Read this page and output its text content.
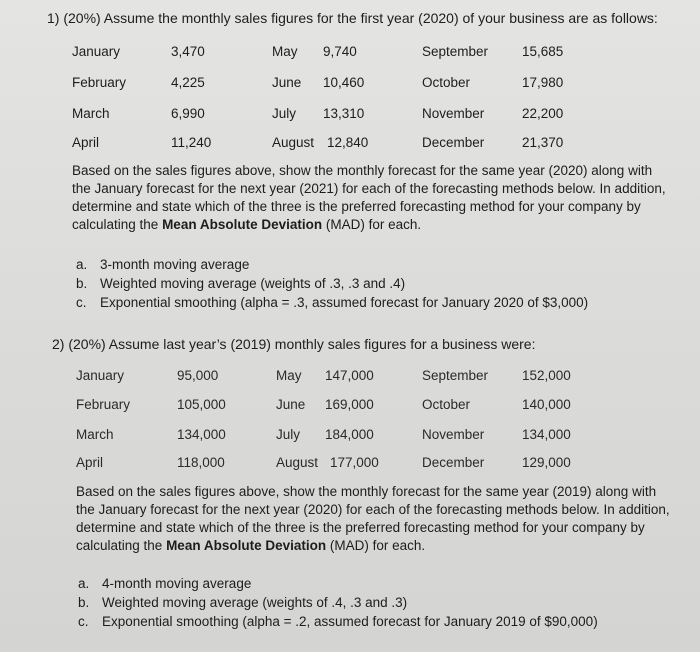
1) (20%) Assume the monthly sales figures for the first year (2020) of your business are as follows:
January	3,470	May 9,740	September	15,685
February	4,225	June 10,460	October	17,980
March	6,990	July 13,310	November	22,200
April	11,240	August 12,840	December	21,370
Based on the sales figures above, show the monthly forecast for the same year (2020) along with the January forecast for the next year (2021) for each of the forecasting methods below. In addition, determine and state which of the three is the preferred forecasting method for your company by calculating the Mean Absolute Deviation (MAD) for each.
a. 3-month moving average
b. Weighted moving average (weights of .3, .3 and .4)
c. Exponential smoothing (alpha = .3, assumed forecast for January 2020 of $3,000)
2) (20%) Assume last year’s (2019) monthly sales figures for a business were:
January	95,000	May 147,000	September	152,000
February	105,000	June 169,000	October	140,000
March	134,000	July 184,000	November	134,000
April	118,000	August 177,000	December	129,000
Based on the sales figures above, show the monthly forecast for the same year (2019) along with the January forecast for the next year (2020) for each of the forecasting methods below. In addition, determine and state which of the three is the preferred forecasting method for your company by calculating the Mean Absolute Deviation (MAD) for each.
a. 4-month moving average
b. Weighted moving average (weights of .4, .3 and .3)
c. Exponential smoothing (alpha = .2, assumed forecast for January 2019 of $90,000)
